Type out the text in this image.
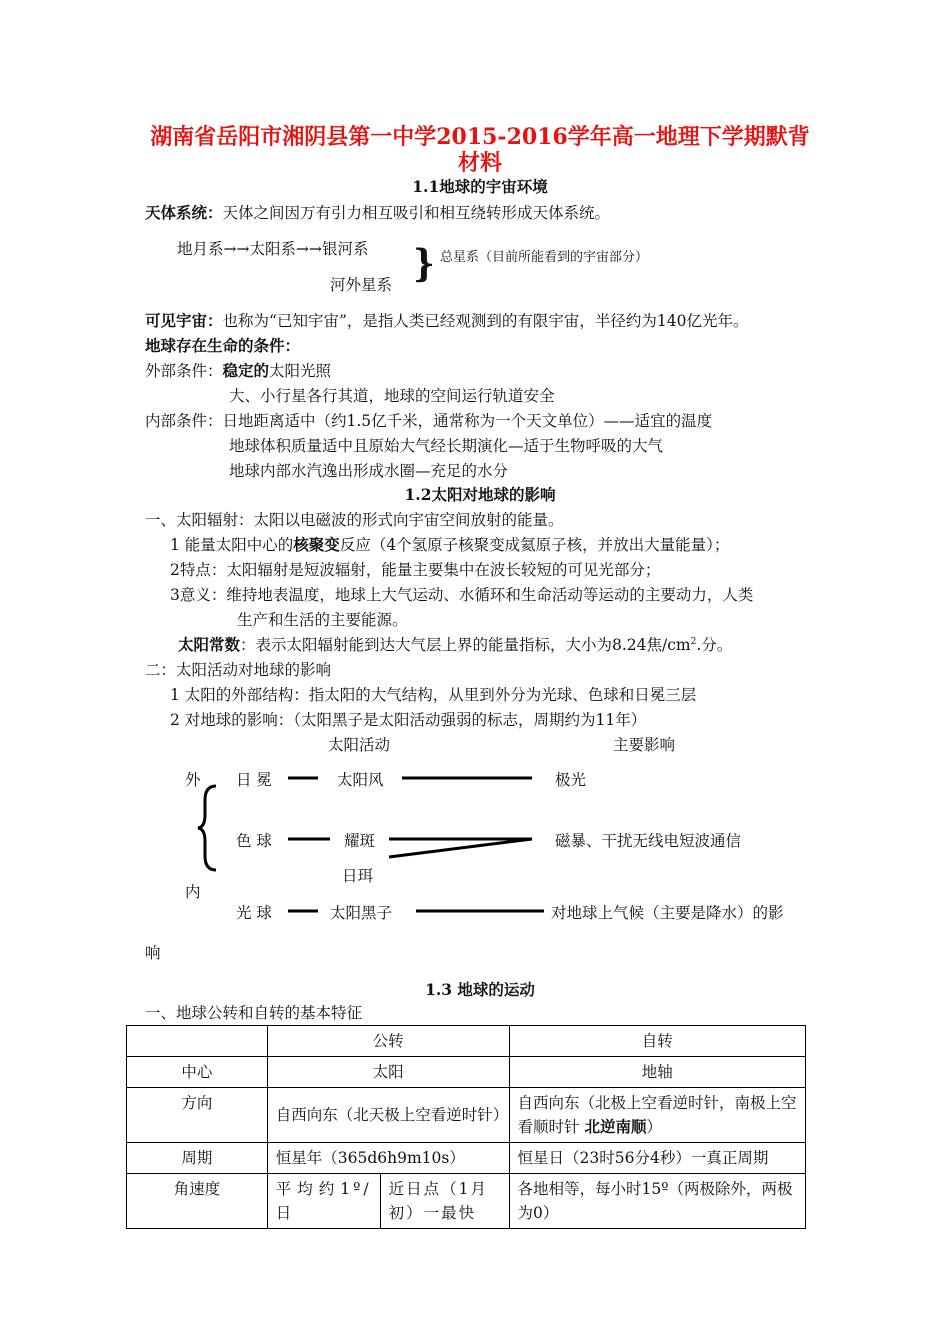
湖南省岳阳市湘阴县第一中学2015-2016学年高一地理下学期默背
材料
1.1地球的宇宙环境
天体系统：天体之间因万有引力相互吸引和相互绕转形成天体系统。
地月系→→太阳系→→银河系
河外星系 } 总星系（目前所能看到的宇宙部分）
可见宇宙：也称为“已知宇宙”，是指人类已经观测到的有限宇宙，半径约为140亿光年。
地球存在生命的条件：
外部条件：稳定的太阳光照
大、小行星各行其道，地球的空间运行轨道安全
内部条件：日地距离适中（约1.5亿千米，通常称为一个天文单位）——适宜的温度
地球体积质量适中且原始大气经长期演化—适于生物呼吸的大气
地球内部水汽逸出形成水圈—充足的水分
1.2太阳对地球的影响
一、太阳辐射：太阳以电磁波的形式向宇宙空间放射的能量。
1 能量太阳中心的核聚变反应（4个氢原子核聚变成氦原子核，并放出大量能量）；
2特点：太阳辐射是短波辐射，能量主要集中在波长较短的可见光部分；
3意义：维持地表温度，地球上大气运动、水循环和生命活动等运动的主要动力，人类
生产和生活的主要能源。
太阳常数：表示太阳辐射能到达大气层上界的能量指标，大小为8.24焦$/cm^2$.分。
二：太阳活动对地球的影响
1 太阳的外部结构：指太阳的大气结构，从里到外分为光球、色球和日冕三层
2 对地球的影响：（太阳黑子是太阳活动强弱的标志，周期约为11年）
太阳活动	主要影响
外
内
日 冕
色 球
光 球
太阳风
耀斑
日珥
太阳黑子
极光
磁暴、干扰无线电短波通信
对地球上气候（主要是降水）的影
响
1.3 地球的运动
一、地球公转和自转的基本特征
	公转		自转
中心	太阳		地轴
方向	自西向东（北天极上空看逆时针）		自西向东（北极上空看逆时针，南极上空看顺时针 北逆南顺）
周期	恒星年（365d6h9m10s）		恒星日（23时56分4秒）一真正周期
角速度	平均约1º/日	近日点（1月初）一最快	各地相等，每小时15º（两极除外，两极为0）
